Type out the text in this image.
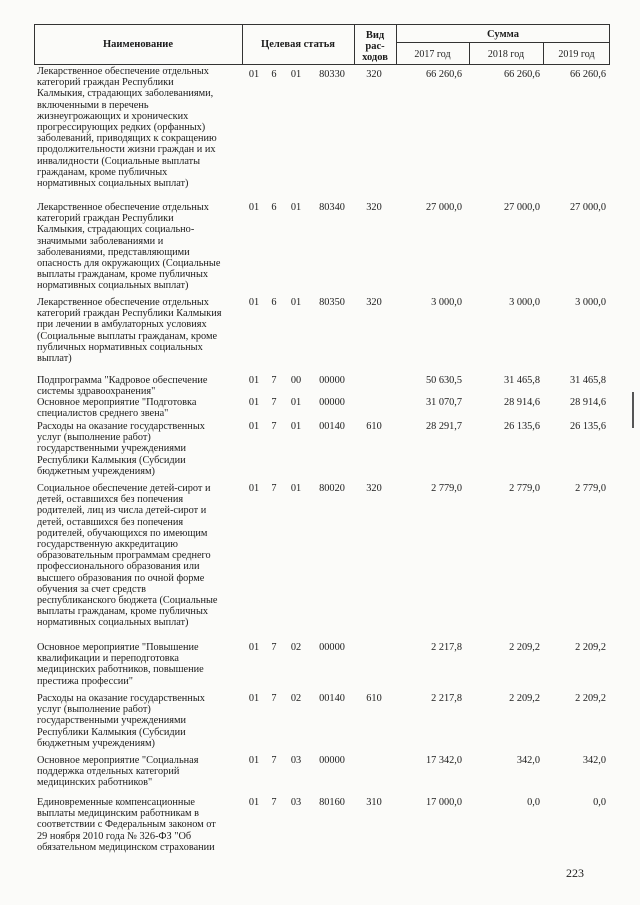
Наименование	Целевая статья
Вид рас- ходов
Сумма
2017 год	2018 год	2019 год
Лекарственное обеспечение отдельных
категорий граждан Республики
Калмыкия, страдающих заболеваниями,
включенными в перечень
жизнеугрожающих и хронических
прогрессирующих редких (орфанных)
заболеваний, приводящих к сокращению
продолжительности жизни граждан и их
инвалидности (Социальные выплаты
гражданам, кроме публичных
нормативных социальных выплат)
01	6	01	80330	320	66 260,6	66 260,6	66 260,6
Лекарственное обеспечение отдельных
категорий граждан Республики
Калмыкия, страдающих социально-
значимыми заболеваниями и
заболеваниями, представляющими
опасность для окружающих (Социальные
выплаты гражданам, кроме публичных
нормативных социальных выплат)
01	6	01	80340	320	27 000,0	27 000,0	27 000,0
Лекарственное обеспечение отдельных
категорий граждан Республики Калмыкия
при лечении в амбулаторных условиях
(Социальные выплаты гражданам, кроме
публичных нормативных социальных
выплат)
01	6	01	80350	320	3 000,0	3 000,0	3 000,0
Подпрограмма "Кадровое обеспечение
системы здравоохранения"
01	7	00	00000	50 630,5	31 465,8	31 465,8
Основное мероприятие "Подготовка
специалистов среднего звена"
01	7	01	00000	31 070,7	28 914,6	28 914,6
Расходы на оказание государственных
услуг (выполнение работ)
государственными учреждениями
Республики Калмыкия (Субсидии
бюджетным учреждениям)
01	7	01	00140	610	28 291,7	26 135,6	26 135,6
Социальное обеспечение детей-сирот и
детей, оставшихся без попечения
родителей, лиц из числа детей-сирот и
детей, оставшихся без попечения
родителей, обучающихся по имеющим
государственную аккредитацию
образовательным программам среднего
профессионального образования или
высшего образования по очной форме
обучения за счет средств
республиканского бюджета (Социальные
выплаты гражданам, кроме публичных
нормативных социальных выплат)
01	7	01	80020	320	2 779,0	2 779,0	2 779,0
Основное мероприятие "Повышение
квалификации и переподготовка
медицинских работников, повышение
престижа профессии"
01	7	02	00000	2 217,8	2 209,2	2 209,2
Расходы на оказание государственных
услуг (выполнение работ)
государственными учреждениями
Республики Калмыкия (Субсидии
бюджетным учреждениям)
01	7	02	00140	610	2 217,8	2 209,2	2 209,2
Основное мероприятие "Социальная
поддержка отдельных категорий
медицинских работников"
01	7	03	00000	17 342,0	342,0	342,0
Единовременные компенсационные
выплаты медицинским работникам в
соответствии с Федеральным законом от
29 ноября 2010 года № 326-ФЗ "Об
обязательном медицинском страховании
01	7	03	80160	310	17 000,0	0,0	0,0
223
